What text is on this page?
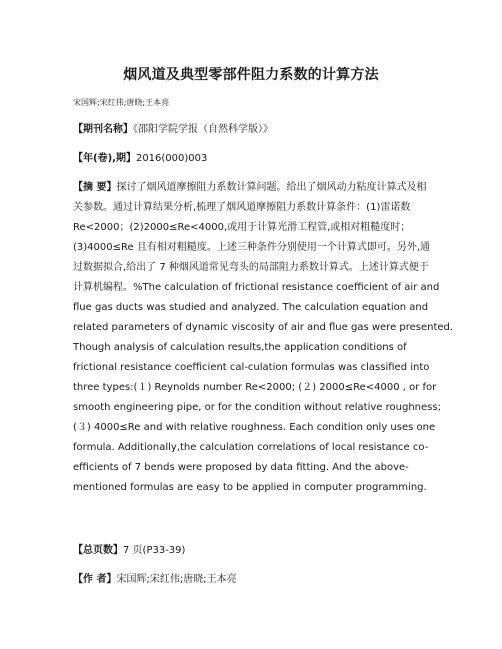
烟风道及典型零部件阻力系数的计算方法
宋国辉;宋红伟;唐晓;王本亮
【期刊名称】《邵阳学院学报（自然科学版）》
【年(卷),期】2016(000)003
【摘 要】探讨了烟风道摩擦阻力系数计算问题。给出了烟风动力粘度计算式及相
关参数。通过计算结果分析,梳理了烟风道摩擦阻力系数计算条件：(1)雷诺数
Re<2000；(2)2000≤Re<4000,或用于计算光滑工程管,或相对粗糙度时；
(3)4000≤Re 且有相对粗糙度。上述三种条件分别使用一个计算式即可。另外,通
过数据拟合,给出了 7 种烟风道常见弯头的局部阻力系数计算式。上述计算式便于
计算机编程。%The calculation of frictional resistance coefficient of air and
flue gas ducts was studied and analyzed. The calculation equation and
related parameters of dynamic viscosity of air and flue gas were presented.
Though analysis of calculation results,the application conditions of
frictional resistance coefficient cal-culation formulas was classified into
three types:(１) Reynolds number Re<2000; (２) 2000≤Re<4000 , or for
smooth engineering pipe, or for the condition without relative roughness;
(３) 4000≤Re and with relative roughness. Each condition only uses one
formula. Additionally,the calculation correlations of local resistance co-
efficients of 7 bends were proposed by data fitting. And the above-
mentioned formulas are easy to be applied in computer programming.
【总页数】7 页(P33-39)
【作 者】宋国辉;宋红伟;唐晓;王本亮
